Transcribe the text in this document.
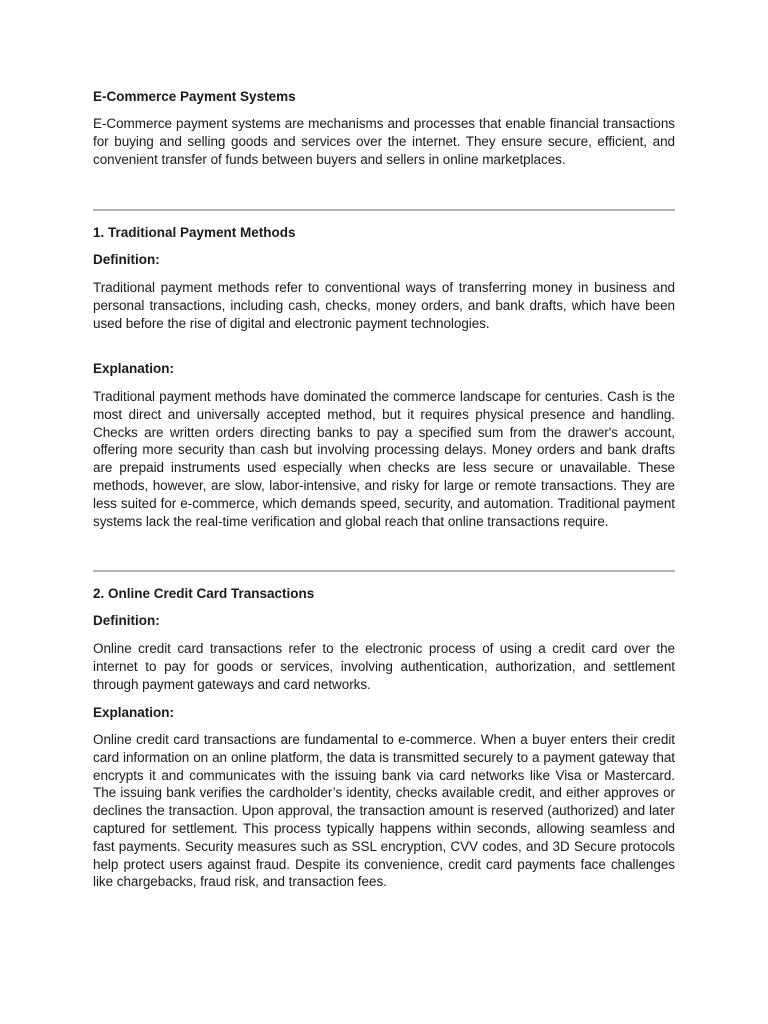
E-Commerce Payment Systems

E-Commerce payment systems are mechanisms and processes that enable financial transactions for buying and selling goods and services over the internet. They ensure secure, efficient, and convenient transfer of funds between buyers and sellers in online marketplaces.

1. Traditional Payment Methods
Definition:

Traditional payment methods refer to conventional ways of transferring money in business and personal transactions, including cash, checks, money orders, and bank drafts, which have been used before the rise of digital and electronic payment technologies.

Explanation:

Traditional payment methods have dominated the commerce landscape for centuries. Cash is the most direct and universally accepted method, but it requires physical presence and handling. Checks are written orders directing banks to pay a specified sum from the drawer's account, offering more security than cash but involving processing delays. Money orders and bank drafts are prepaid instruments used especially when checks are less secure or unavailable. These methods, however, are slow, labor-intensive, and risky for large or remote transactions. They are less suited for e-commerce, which demands speed, security, and automation. Traditional payment systems lack the real-time verification and global reach that online transactions require.

2. Online Credit Card Transactions
Definition:

Online credit card transactions refer to the electronic process of using a credit card over the internet to pay for goods or services, involving authentication, authorization, and settlement through payment gateways and card networks.

Explanation:

Online credit card transactions are fundamental to e-commerce. When a buyer enters their credit card information on an online platform, the data is transmitted securely to a payment gateway that encrypts it and communicates with the issuing bank via card networks like Visa or Mastercard. The issuing bank verifies the cardholder’s identity, checks available credit, and either approves or declines the transaction. Upon approval, the transaction amount is reserved (authorized) and later captured for settlement. This process typically happens within seconds, allowing seamless and fast payments. Security measures such as SSL encryption, CVV codes, and 3D Secure protocols help protect users against fraud. Despite its convenience, credit card payments face challenges like chargebacks, fraud risk, and transaction fees.
